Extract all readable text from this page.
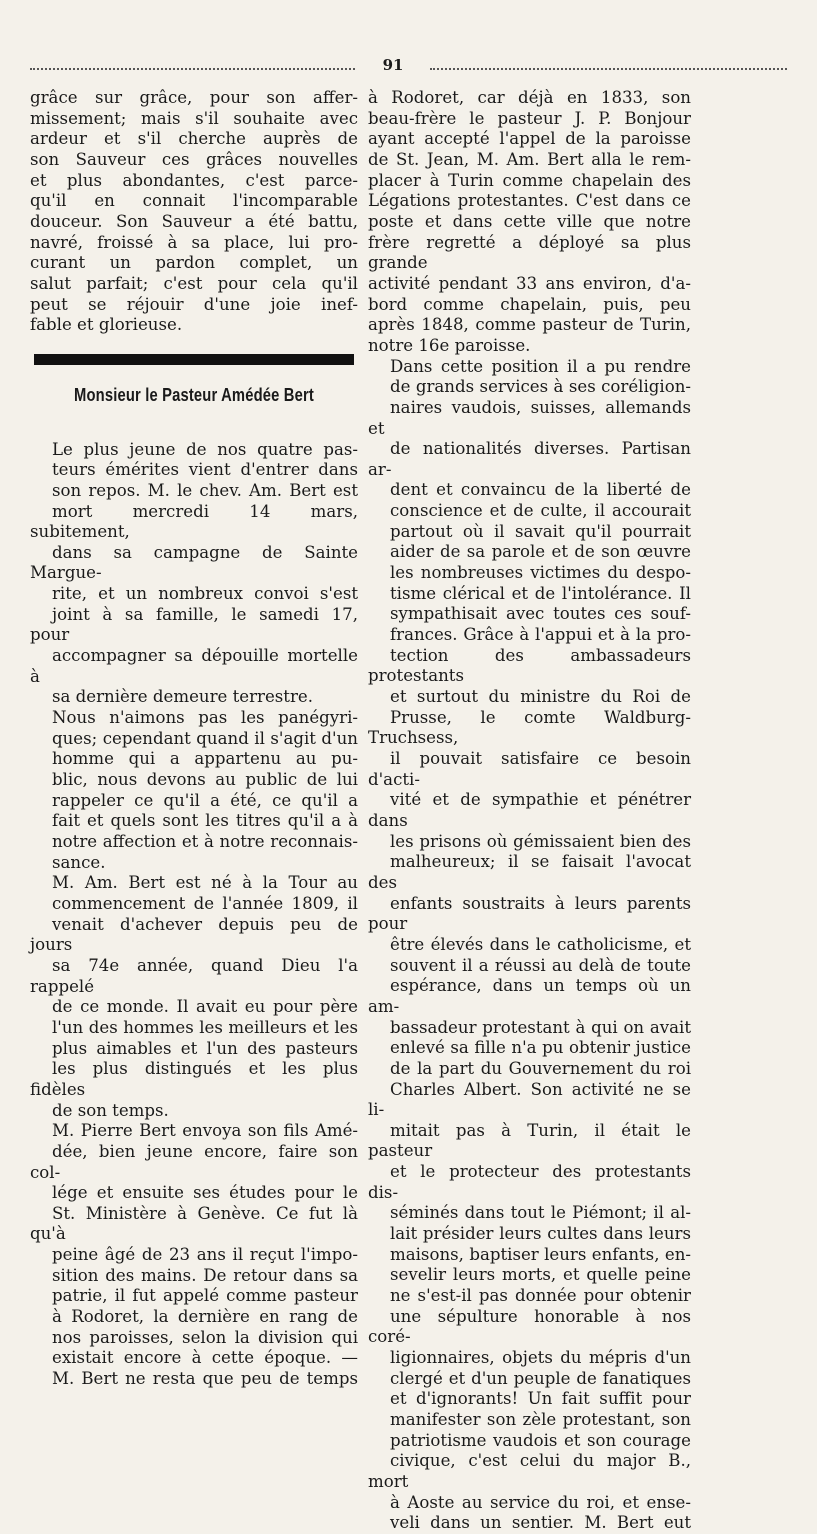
91

grâce sur grâce, pour son affer-
missement; mais s'il souhaite avec
ardeur et s'il cherche auprès de
son Sauveur ces grâces nouvelles
et plus abondantes, c'est parce-
qu'il en connait l'incomparable
douceur. Son Sauveur a été battu,
navré, froissé à sa place, lui pro-
curant un pardon complet, un
salut parfait; c'est pour cela qu'il
peut se réjouir d'une joie inef-
fable et glorieuse.

Monsieur le Pasteur Amédée Bert

Le plus jeune de nos quatre pas-
teurs émérites vient d'entrer dans
son repos. M. le chev. Am. Bert est
mort mercredi 14 mars, subitement,
dans sa campagne de Sainte Margue-
rite, et un nombreux convoi s'est
joint à sa famille, le samedi 17, pour
accompagner sa dépouille mortelle à
sa dernière demeure terrestre.

Nous n'aimons pas les panégyri-
ques; cependant quand il s'agit d'un
homme qui a appartenu au pu-
blic, nous devons au public de lui
rappeler ce qu'il a été, ce qu'il a
fait et quels sont les titres qu'il a à
notre affection et à notre reconnais-
sance.

M. Am. Bert est né à la Tour au
commencement de l'année 1809, il
venait d'achever depuis peu de jours
sa 74e année, quand Dieu l'a rappelé
de ce monde. Il avait eu pour père
l'un des hommes les meilleurs et les
plus aimables et l'un des pasteurs
les plus distingués et les plus fidèles
de son temps.

M. Pierre Bert envoya son fils Amé-
dée, bien jeune encore, faire son col-
lége et ensuite ses études pour le
St. Ministère à Genève. Ce fut là qu'à
peine âgé de 23 ans il reçut l'impo-
sition des mains. De retour dans sa
patrie, il fut appelé comme pasteur
à Rodoret, la dernière en rang de
nos paroisses, selon la division qui
existait encore à cette époque. —
M. Bert ne resta que peu de temps

à Rodoret, car déjà en 1833, son
beau-frère le pasteur J. P. Bonjour
ayant accepté l'appel de la paroisse
de St. Jean, M. Am. Bert alla le rem-
placer à Turin comme chapelain des
Légations protestantes. C'est dans ce
poste et dans cette ville que notre
frère regretté a déployé sa plus grande
activité pendant 33 ans environ, d'a-
bord comme chapelain, puis, peu
après 1848, comme pasteur de Turin,
notre 16e paroisse.

Dans cette position il a pu rendre
de grands services à ses coréligion-
naires vaudois, suisses, allemands et
de nationalités diverses. Partisan ar-
dent et convaincu de la liberté de
conscience et de culte, il accourait
partout où il savait qu'il pourrait
aider de sa parole et de son œuvre
les nombreuses victimes du despo-
tisme clérical et de l'intolérance. Il
sympathisait avec toutes ces souf-
frances. Grâce à l'appui et à la pro-
tection des ambassadeurs protestants
et surtout du ministre du Roi de
Prusse, le comte Waldburg-Truchsess,
il pouvait satisfaire ce besoin d'acti-
vité et de sympathie et pénétrer dans
les prisons où gémissaient bien des
malheureux; il se faisait l'avocat des
enfants soustraits à leurs parents pour
être élevés dans le catholicisme, et
souvent il a réussi au delà de toute
espérance, dans un temps où un am-
bassadeur protestant à qui on avait
enlevé sa fille n'a pu obtenir justice
de la part du Gouvernement du roi
Charles Albert. Son activité ne se li-
mitait pas à Turin, il était le pasteur
et le protecteur des protestants dis-
séminés dans tout le Piémont; il al-
lait présider leurs cultes dans leurs
maisons, baptiser leurs enfants, en-
sevelir leurs morts, et quelle peine
ne s'est-il pas donnée pour obtenir
une sépulture honorable à nos coré-
ligionnaires, objets du mépris d'un
clergé et d'un peuple de fanatiques
et d'ignorants! Un fait suffit pour
manifester son zèle protestant, son
patriotisme vaudois et son courage
civique, c'est celui du major B., mort
à Aoste au service du roi, et ense-
veli dans un sentier. M. Bert eut
